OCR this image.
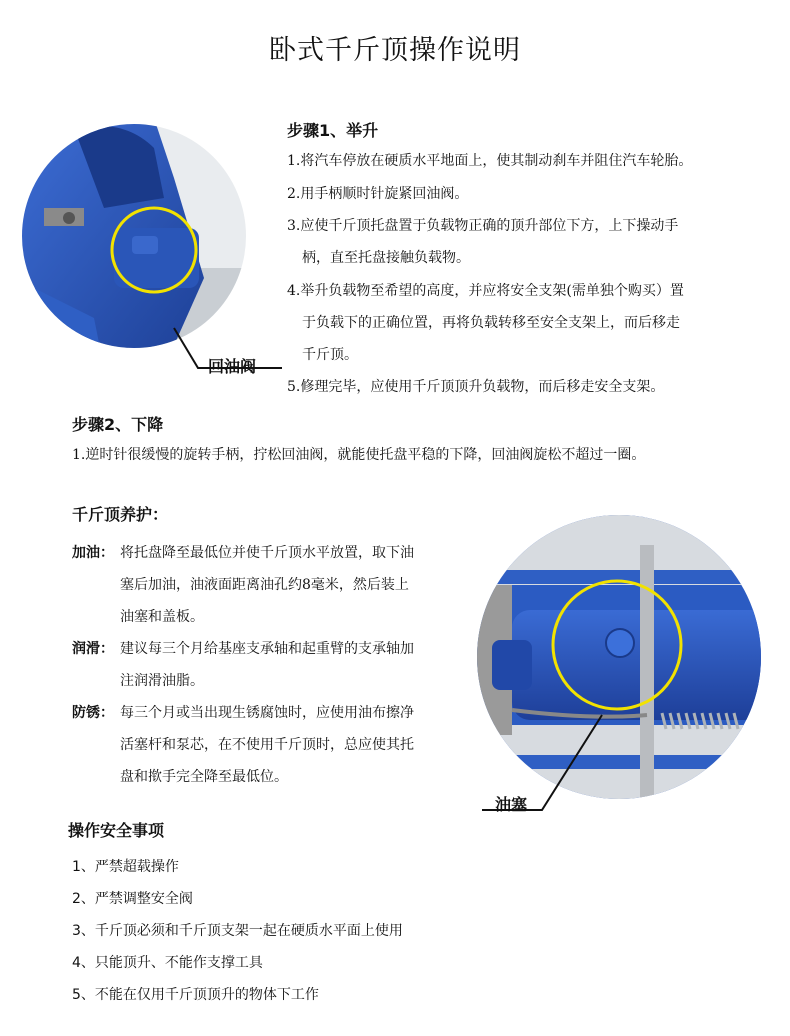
卧式千斤顶操作说明
回油阀
步骤1、举升
1.将汽车停放在硬质水平地面上，使其制动刹车并阻住汽车轮胎。
2.用手柄顺时针旋紧回油阀。
3.应使千斤顶托盘置于负载物正确的顶升部位下方，上下操动手
柄，直至托盘接触负载物。
4.举升负载物至希望的高度，并应将安全支架(需单独个购买）置
于负载下的正确位置，再将负载转移至安全支架上，而后移走
千斤顶。
5.修理完毕，应使用千斤顶顶升负载物，而后移走安全支架。
步骤2、下降
1.逆时针很缓慢的旋转手柄，拧松回油阀，就能使托盘平稳的下降，回油阀旋松不超过一圈。
千斤顶养护：
加油： 将托盘降至最低位并使千斤顶水平放置，取下油
塞后加油，油液面距离油孔约8毫米，然后装上
油塞和盖板。
润滑： 建议每三个月给基座支承轴和起重臂的支承轴加
注润滑油脂。
防锈： 每三个月或当出现生锈腐蚀时，应使用油布擦净
活塞杆和泵芯，在不使用千斤顶时，总应使其托
盘和揿手完全降至最低位。
油塞
操作安全事项
1、严禁超载操作
2、严禁调整安全阀
3、千斤顶必须和千斤顶支架一起在硬质水平面上使用
4、只能顶升、不能作支撑工具
5、不能在仅用千斤顶顶升的物体下工作
